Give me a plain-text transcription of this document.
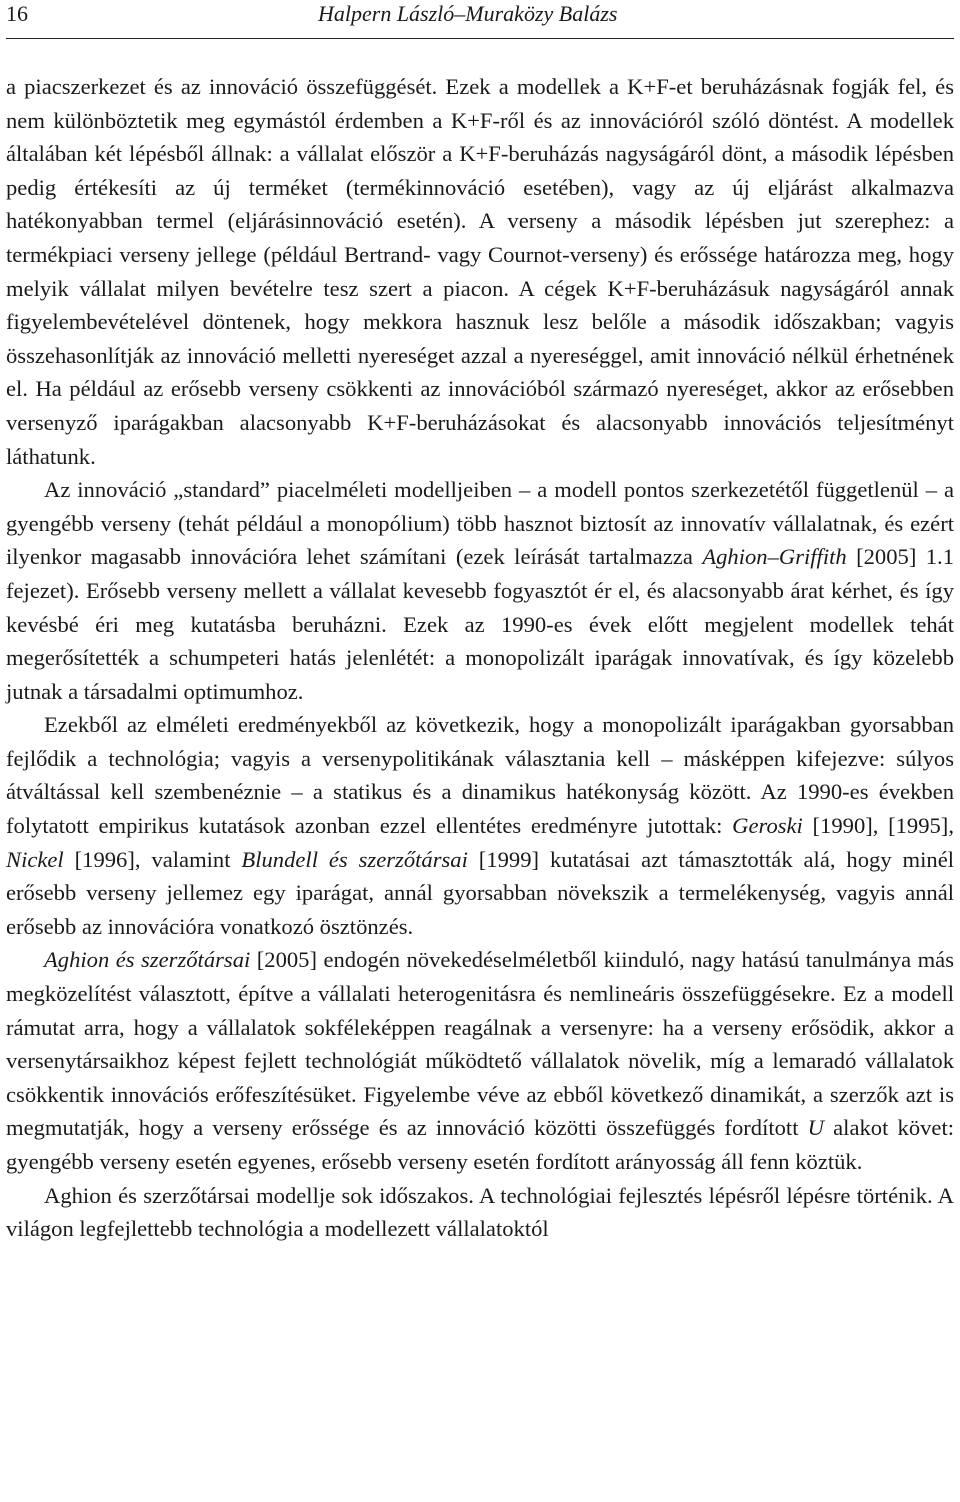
16	Halpern László–Muraközy Balázs

a piacszerkezet és az innováció összefüggését. Ezek a modellek a K+F-et beruházásnak fogják fel, és nem különböztetik meg egymástól érdemben a K+F-ről és az innovációról szóló döntést. A modellek általában két lépésből állnak: a vállalat először a K+F-beruházás nagyságáról dönt, a második lépésben pedig értékesíti az új terméket (termékinnováció esetében), vagy az új eljárást alkalmazva hatékonyabban termel (eljárásinnováció esetén). A verseny a második lépésben jut szerephez: a termékpiaci verseny jellege (például Bertrand- vagy Cournot-verseny) és erőssége határozza meg, hogy melyik vállalat milyen bevételre tesz szert a piacon. A cégek K+F-beruházásuk nagyságáról annak figyelembevételével döntenek, hogy mekkora hasznuk lesz belőle a második időszakban; vagyis összehasonlítják az innováció melletti nyereséget azzal a nyereséggel, amit innováció nélkül érhetnének el. Ha például az erősebb verseny csökkenti az innovációból származó nyereséget, akkor az erősebben versenyző iparágakban alacsonyabb K+F-beruházásokat és alacsonyabb innovációs teljesítményt láthatunk.

Az innováció „standard” piacelméleti modelljeiben – a modell pontos szerkezetétől függetlenül – a gyengébb verseny (tehát például a monopólium) több hasznot biztosít az innovatív vállalatnak, és ezért ilyenkor magasabb innovációra lehet számítani (ezek leírását tartalmazza Aghion–Griffith [2005] 1.1 fejezet). Erősebb verseny mellett a vállalat kevesebb fogyasztót ér el, és alacsonyabb árat kérhet, és így kevésbé éri meg kutatásba beruházni. Ezek az 1990-es évek előtt megjelent modellek tehát megerősítették a schumpeteri hatás jelenlétét: a monopolizált iparágak innovatívak, és így közelebb jutnak a társadalmi optimumhoz.

Ezekből az elméleti eredményekből az következik, hogy a monopolizált iparágakban gyorsabban fejlődik a technológia; vagyis a versenypolitikának választania kell – másképpen kifejezve: súlyos átváltással kell szembenéznie – a statikus és a dinamikus hatékonyság között. Az 1990-es években folytatott empirikus kutatások azonban ezzel ellentétes eredményre jutottak: Geroski [1990], [1995], Nickel [1996], valamint Blundell és szerzőtársai [1999] kutatásai azt támasztották alá, hogy minél erősebb verseny jellemez egy iparágat, annál gyorsabban növekszik a termelékenység, vagyis annál erősebb az innovációra vonatkozó ösztönzés.

Aghion és szerzőtársai [2005] endogén növekedéselméletből kiinduló, nagy hatású tanulmánya más megközelítést választott, építve a vállalati heterogenitásra és nemlineáris összefüggésekre. Ez a modell rámutat arra, hogy a vállalatok sokféleképpen reagálnak a versenyre: ha a verseny erősödik, akkor a versenytársaikhoz képest fejlett technológiát működtető vállalatok növelik, míg a lemaradó vállalatok csökkentik innovációs erőfeszítésüket. Figyelembe véve az ebből következő dinamikát, a szerzők azt is megmutatják, hogy a verseny erőssége és az innováció közötti összefüggés fordított U alakot követ: gyengébb verseny esetén egyenes, erősebb verseny esetén fordított arányosság áll fenn köztük.

Aghion és szerzőtársai modellje sok időszakos. A technológiai fejlesztés lépésről lépésre történik. A világon legfejlettebb technológia a modellezett vállalatoktól
